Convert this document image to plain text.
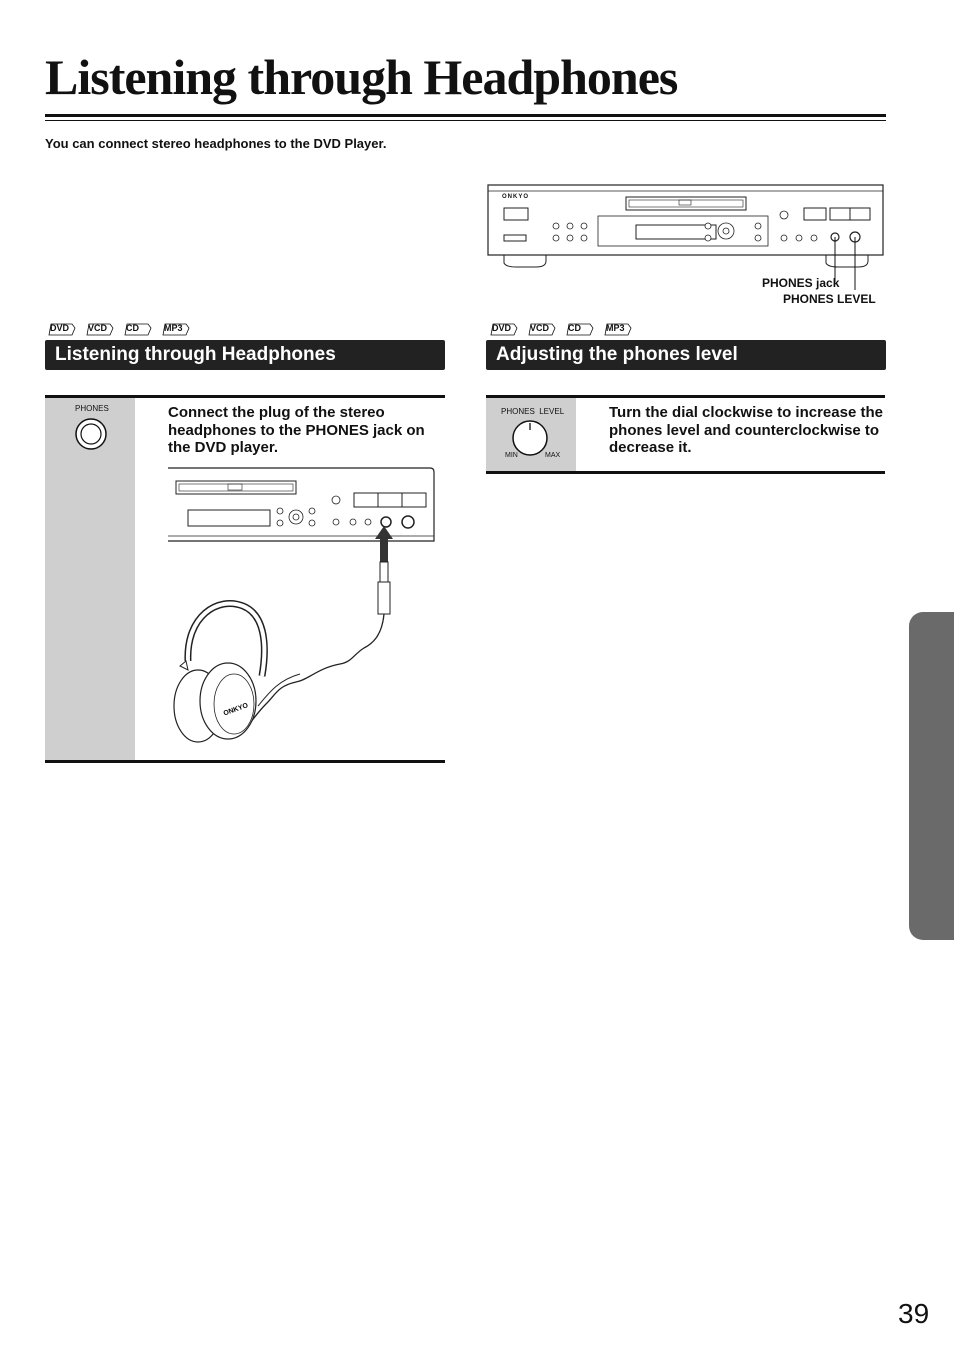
Listening through Headphones
You can connect stereo headphones to the DVD Player.
ONKYO
PHONES jack
PHONES LEVEL
DVD	VCD	CD	MP3
Listening through Headphones
PHONES	Connect the plug of the stereo headphones to the PHONES jack on the DVD player.
ONKYO
DVD	VCD	CD	MP3
Adjusting the phones level
PHONES  LEVEL
MIN	MAX
Turn the dial clockwise to increase the phones level and counterclockwise to decrease it.
39
